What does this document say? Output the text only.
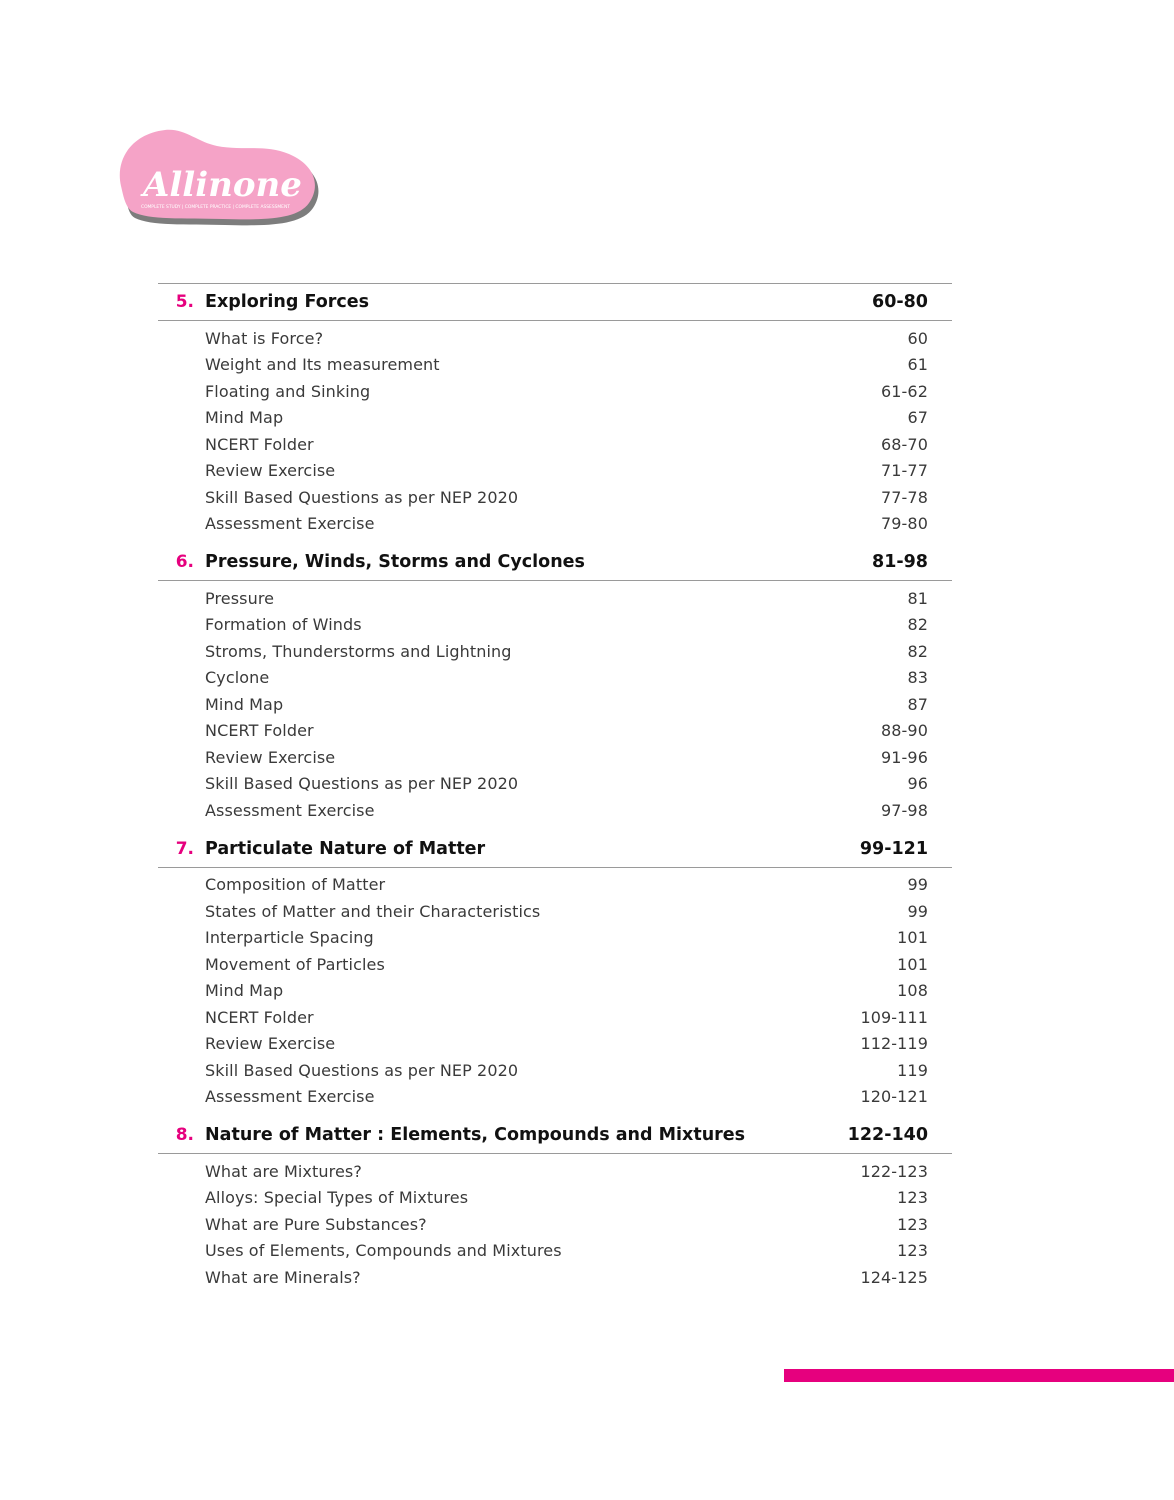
Allinone
COMPLETE STUDY | COMPLETE PRACTICE | COMPLETE ASSESSMENT
5. Exploring Forces	60-80
What is Force?	60
Weight and Its measurement	61
Floating and Sinking	61-62
Mind Map	67
NCERT Folder	68-70
Review Exercise	71-77
Skill Based Questions as per NEP 2020	77-78
Assessment Exercise	79-80
6. Pressure, Winds, Storms and Cyclones	81-98
Pressure	81
Formation of Winds	82
Stroms, Thunderstorms and Lightning	82
Cyclone	83
Mind Map	87
NCERT Folder	88-90
Review Exercise	91-96
Skill Based Questions as per NEP 2020	96
Assessment Exercise	97-98
7. Particulate Nature of Matter	99-121
Composition of Matter	99
States of Matter and their Characteristics	99
Interparticle Spacing	101
Movement of Particles	101
Mind Map	108
NCERT Folder	109-111
Review Exercise	112-119
Skill Based Questions as per NEP 2020	119
Assessment Exercise	120-121
8. Nature of Matter : Elements, Compounds and Mixtures	122-140
What are Mixtures?	122-123
Alloys: Special Types of Mixtures	123
What are Pure Substances?	123
Uses of Elements, Compounds and Mixtures	123
What are Minerals?	124-125
